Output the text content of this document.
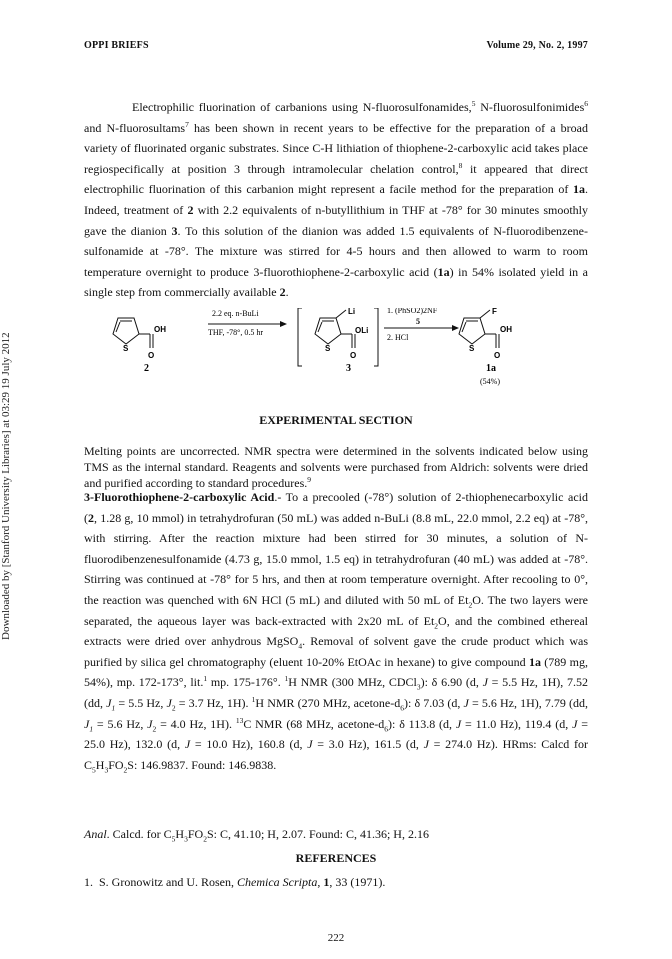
OPPI BRIEFS	Volume 29, No. 2, 1997
Downloaded by [Stanford University Libraries] at 03:29 19 July 2012
Electrophilic fluorination of carbanions using N-fluorosulfonamides,$^5$ N-fluorosulfonimides$^6$ and N-fluorosultams$^7$ has been shown in recent years to be effective for the preparation of a broad variety of fluorinated organic substrates. Since C-H lithiation of thiophene-2-carboxylic acid takes place regiospecifically at position 3 through intramolecular chelation control,$^8$ it appeared that direct electrophilic fluorination of this carbanion might represent a facile method for the preparation of 1a. Indeed, treatment of 2 with 2.2 equivalents of n-butyllithium in THF at -78° for 30 minutes smoothly gave the dianion 3. To this solution of the dianion was added 1.5 equivalents of N-fluorodibenzene-sulfonamide at -78°. The mixture was stirred for 4-5 hours and then allowed to warm to room temperature overnight to produce 3-fluorothiophene-2-carboxylic acid (1a) in 54% isolated yield in a single step from commercially available 2.
OH
S
O
2
2.2 eq. n-BuLi
THF, -78°, 0.5 hr
Li
OLi
S
O
3
1. (PhSO2)2NF
5
2. HCl
F
OH
S
O
1a
(54%)
EXPERIMENTAL SECTION
Melting points are uncorrected. NMR spectra were determined in the solvents indicated below using TMS as the internal standard. Reagents and solvents were purchased from Aldrich: solvents were dried and purified according to standard procedures.$^9$
3-Fluorothiophene-2-carboxylic Acid.- To a precooled (-78°) solution of 2-thiophenecarboxylic acid (2, 1.28 g, 10 mmol) in tetrahydrofuran (50 mL) was added n-BuLi (8.8 mL, 22.0 mmol, 2.2 eq) at -78°, with stirring. After the reaction mixture had been stirred for 30 minutes, a solution of N-fluorodibenzenesulfonamide (4.73 g, 15.0 mmol, 1.5 eq) in tetrahydrofuran (40 mL) was added at -78°. Stirring was continued at -78° for 5 hrs, and then at room temperature overnight. After recooling to 0°, the reaction was quenched with 6N HCl (5 mL) and diluted with 50 mL of $Et_2O$. The two layers were separated, the aqueous layer was back-extracted with 2x20 mL of $Et_2O$, and the combined ethereal extracts were dried over anhydrous MgSO$_4$. Removal of solvent gave the crude product which was purified by silica gel chromatography (eluent 10-20% EtOAc in hexane) to give compound 1a (789 mg, 54%), mp. 172-173°, lit.$^1$ mp. 175-176°. $^1$H NMR (300 MHz, CDCl$_3$): δ 6.90 (d, J = 5.5 Hz, 1H), 7.52 (dd, $J_1 = 5.5$ Hz, $J_2 = 3.7$ Hz, 1H). $^1$H NMR (270 MHz, acetone-$d_6$): δ 7.03 (d, J = 5.6 Hz, 1H), 7.79 (dd, $J_1 = 5.6$ Hz, $J_2 = 4.0$ Hz, 1H). $^{13}$C NMR (68 MHz, acetone-$d_6$): δ 113.8 (d, J = 11.0 Hz), 119.4 (d, J = 25.0 Hz), 132.0 (d, J = 10.0 Hz), 160.8 (d, J = 3.0 Hz), 161.5 (d, J = 274.0 Hz). HRms: Calcd for $C_5H_3FO_2S$: 146.9837. Found: 146.9838.
Anal. Calcd. for $C_5H_3FO_2S$: C, 41.10; H, 2.07. Found: C, 41.36; H, 2.16
REFERENCES
1. S. Gronowitz and U. Rosen, Chemica Scripta, 1, 33 (1971).
222
